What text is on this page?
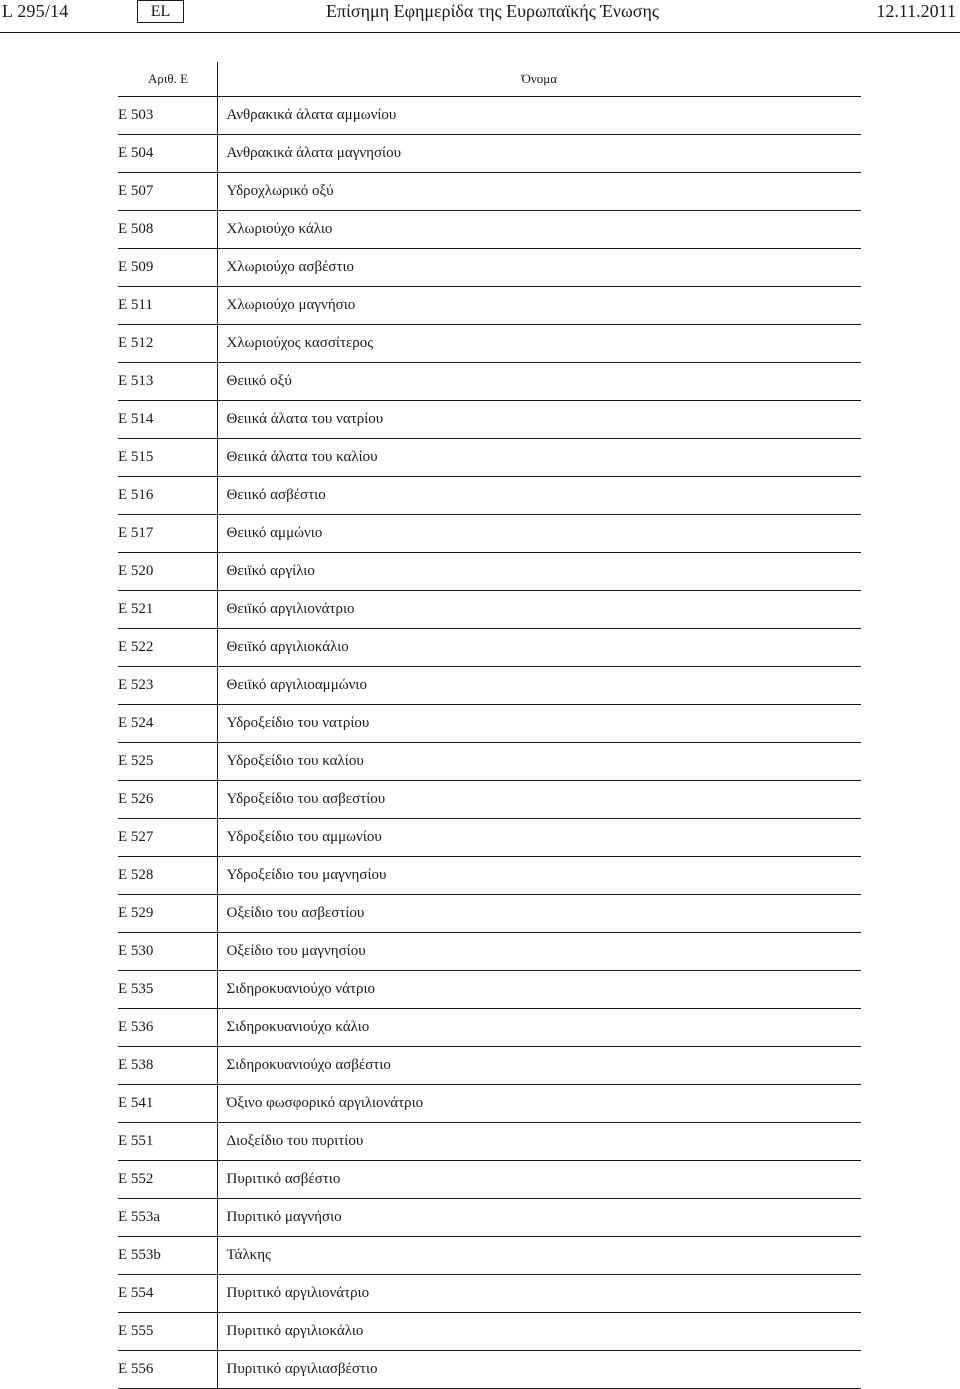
L 295/14	EL	Επίσημη Εφημερίδα της Ευρωπαϊκής Ένωσης	12.11.2011
Αριθ. E	Όνομα
E 503	Ανθρακικά άλατα αμμωνίου
E 504	Ανθρακικά άλατα μαγνησίου
E 507	Υδροχλωρικό οξύ
E 508	Χλωριούχο κάλιο
E 509	Χλωριούχο ασβέστιο
E 511	Χλωριούχο μαγνήσιο
E 512	Χλωριούχος κασσίτερος
E 513	Θειικό οξύ
E 514	Θειικά άλατα του νατρίου
E 515	Θειικά άλατα του καλίου
E 516	Θειικό ασβέστιο
E 517	Θειικό αμμώνιο
E 520	Θειϊκό αργίλιο
E 521	Θειϊκό αργιλιονάτριο
E 522	Θειϊκό αργιλιοκάλιο
E 523	Θειϊκό αργιλιοαμμώνιο
E 524	Υδροξείδιο του νατρίου
E 525	Υδροξείδιο του καλίου
E 526	Υδροξείδιο του ασβεστίου
E 527	Υδροξείδιο του αμμωνίου
E 528	Υδροξείδιο του μαγνησίου
E 529	Οξείδιο του ασβεστίου
E 530	Οξείδιο του μαγνησίου
E 535	Σιδηροκυανιούχο νάτριο
E 536	Σιδηροκυανιούχο κάλιο
E 538	Σιδηροκυανιούχο ασβέστιο
E 541	Όξινο φωσφορικό αργιλιονάτριο
E 551	Διοξείδιο του πυριτίου
E 552	Πυριτικό ασβέστιο
E 553a	Πυριτικό μαγνήσιο
E 553b	Τάλκης
E 554	Πυριτικό αργιλιονάτριο
E 555	Πυριτικό αργιλιοκάλιο
E 556	Πυριτικό αργιλιασβέστιο
